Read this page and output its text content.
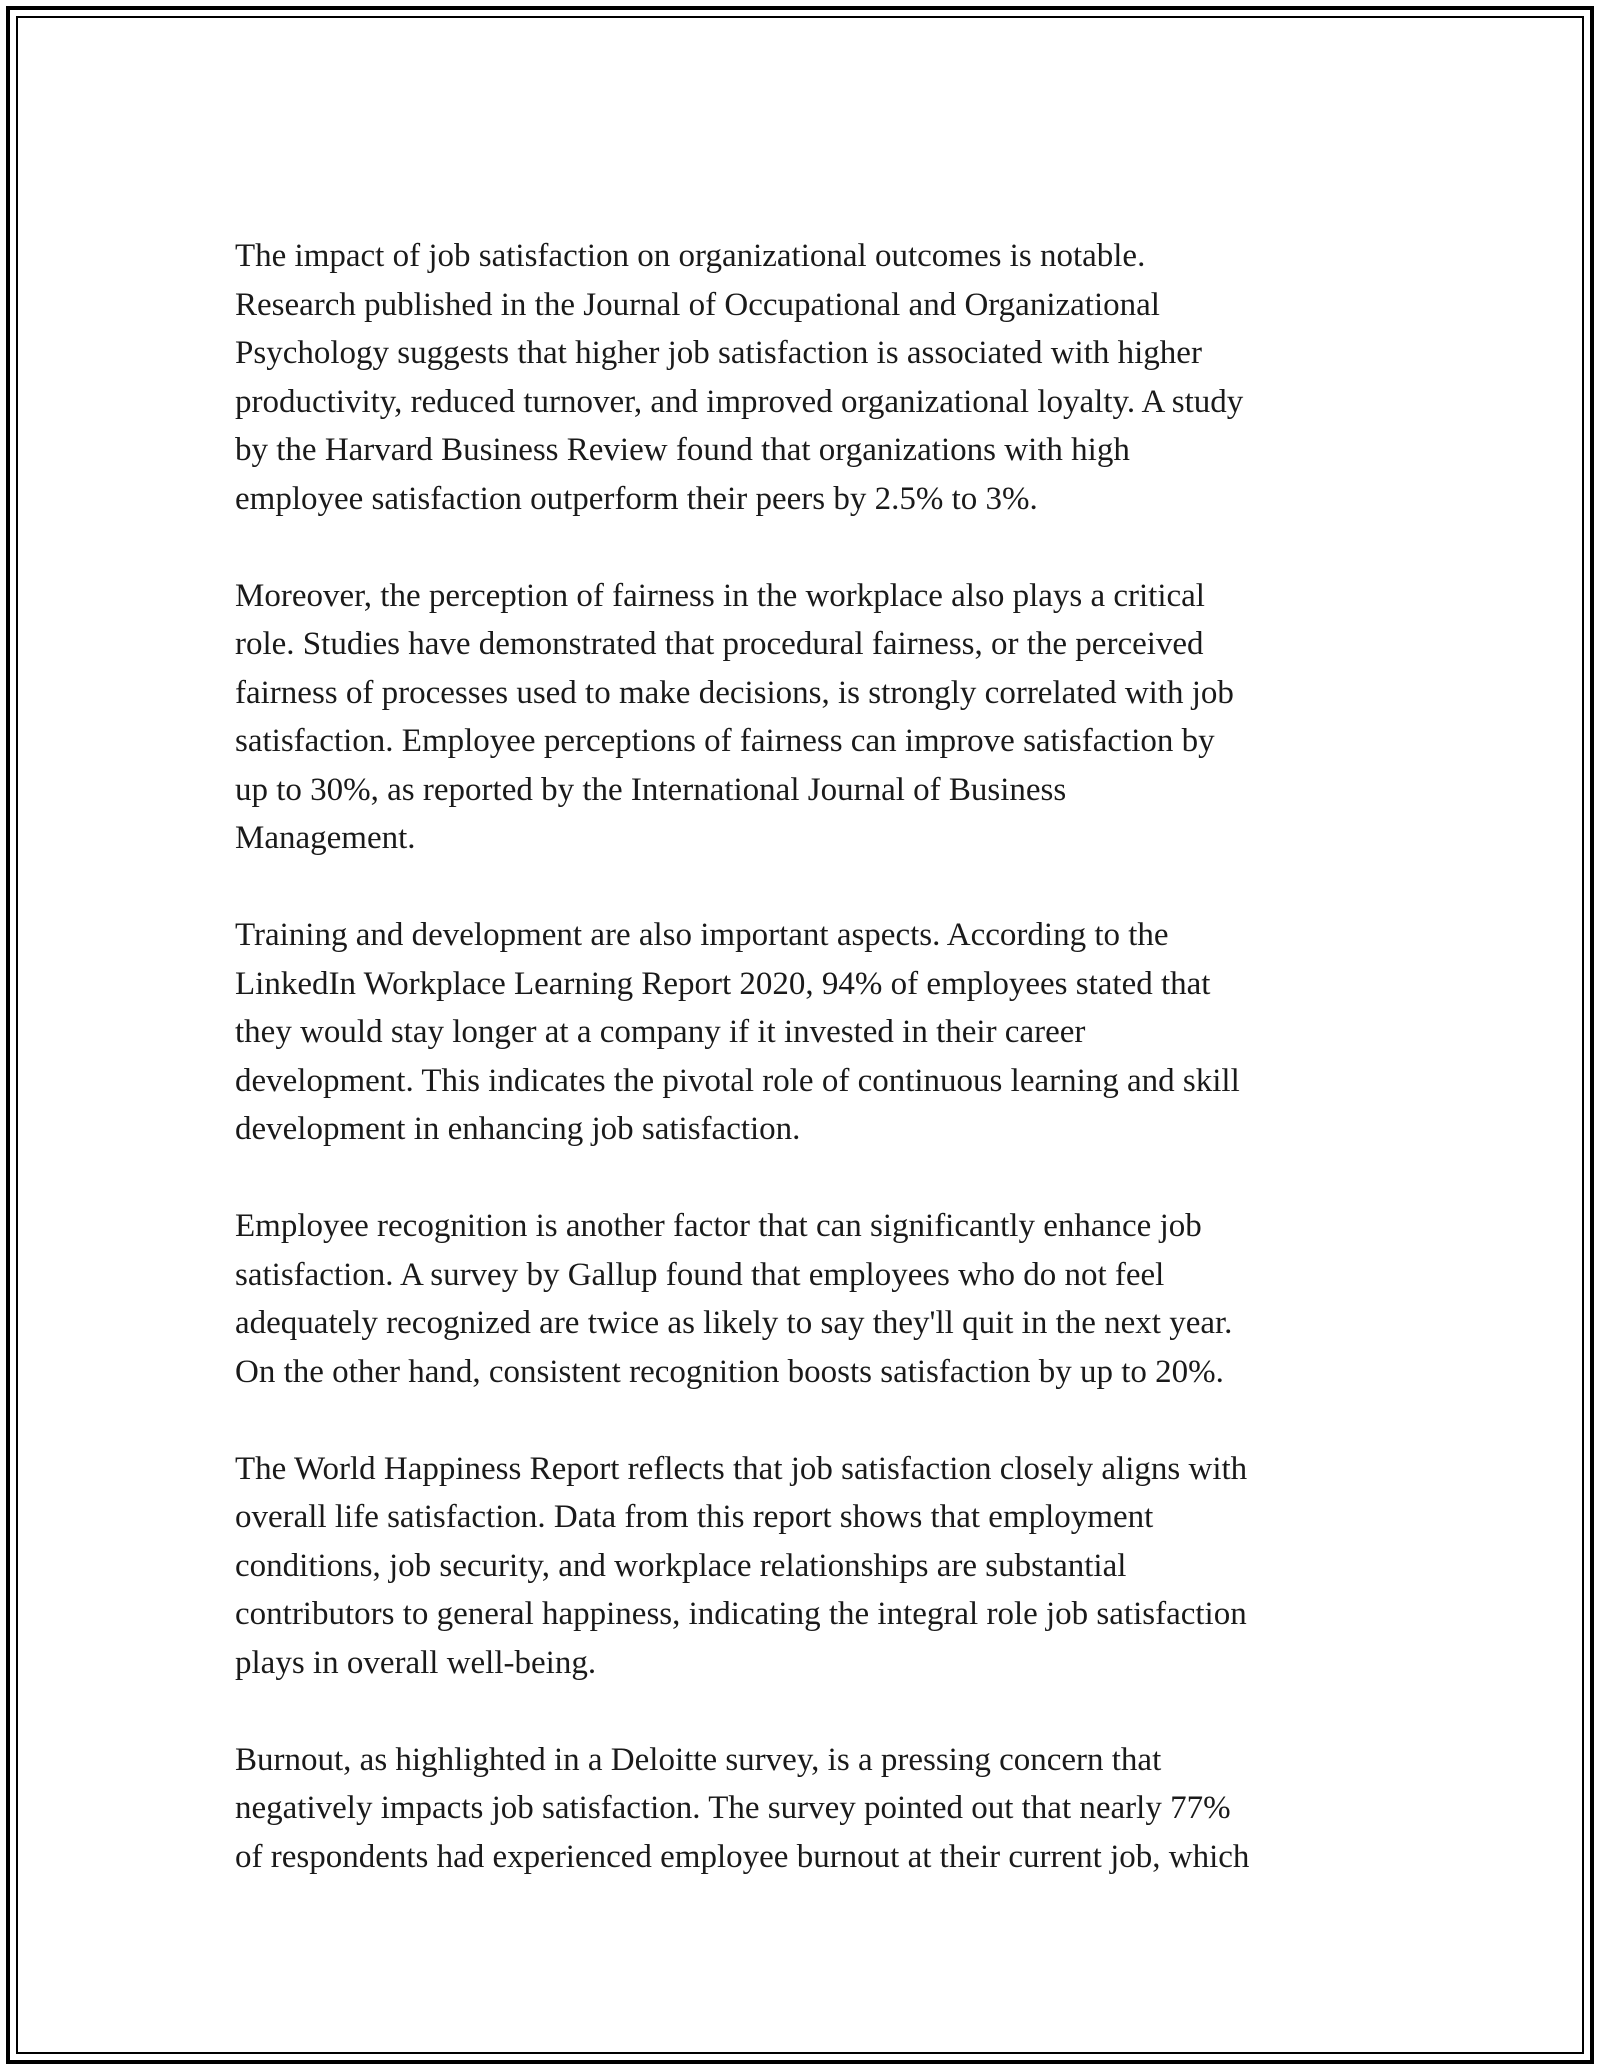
The impact of job satisfaction on organizational outcomes is notable.
Research published in the Journal of Occupational and Organizational
Psychology suggests that higher job satisfaction is associated with higher
productivity, reduced turnover, and improved organizational loyalty. A study
by the Harvard Business Review found that organizations with high
employee satisfaction outperform their peers by 2.5% to 3%.

Moreover, the perception of fairness in the workplace also plays a critical
role. Studies have demonstrated that procedural fairness, or the perceived
fairness of processes used to make decisions, is strongly correlated with job
satisfaction. Employee perceptions of fairness can improve satisfaction by
up to 30%, as reported by the International Journal of Business
Management.

Training and development are also important aspects. According to the
LinkedIn Workplace Learning Report 2020, 94% of employees stated that
they would stay longer at a company if it invested in their career
development. This indicates the pivotal role of continuous learning and skill
development in enhancing job satisfaction.

Employee recognition is another factor that can significantly enhance job
satisfaction. A survey by Gallup found that employees who do not feel
adequately recognized are twice as likely to say they'll quit in the next year.
On the other hand, consistent recognition boosts satisfaction by up to 20%.

The World Happiness Report reflects that job satisfaction closely aligns with
overall life satisfaction. Data from this report shows that employment
conditions, job security, and workplace relationships are substantial
contributors to general happiness, indicating the integral role job satisfaction
plays in overall well-being.

Burnout, as highlighted in a Deloitte survey, is a pressing concern that
negatively impacts job satisfaction. The survey pointed out that nearly 77%
of respondents had experienced employee burnout at their current job, which
